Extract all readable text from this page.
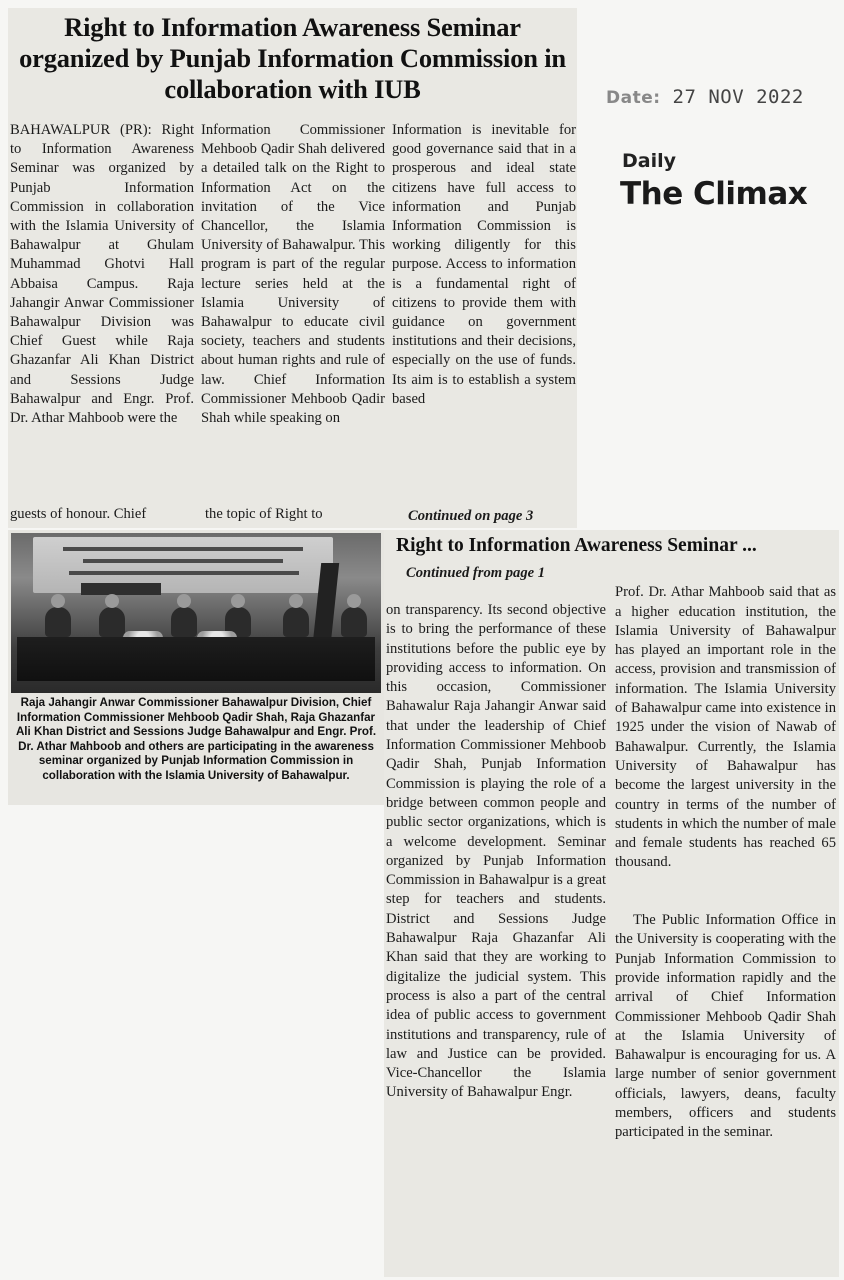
Right to Information Awareness Seminar organized by Punjab Information Commission in collaboration with IUB
BAHAWALPUR (PR): Right to Information Awareness Seminar was organized by Punjab Information Commission in collaboration with the Islamia University of Bahawalpur at Ghulam Muhammad Ghotvi Hall Abbaisa Campus. Raja Jahangir Anwar Commissioner Bahawalpur Division was Chief Guest while Raja Ghazanfar Ali Khan District and Sessions Judge Bahawalpur and Engr. Prof. Dr. Athar Mahboob were the
Information Commissioner Mehboob Qadir Shah delivered a detailed talk on the Right to Information Act on the invitation of the Vice Chancellor, the Islamia University of Bahawalpur. This program is part of the regular lecture series held at the Islamia University of Bahawalpur to educate civil society, teachers and students about human rights and rule of law. Chief Information Commissioner Mehboob Qadir Shah while speaking on
Information is inevitable for good governance said that in a prosperous and ideal state citizens have full access to information and Punjab Information Commission is working diligently for this purpose. Access to information is a fundamental right of citizens to provide them with guidance on government institutions and their decisions, especially on the use of funds. Its aim is to establish a system based
guests of honour. Chief	the topic of Right to	Continued on page 3
Date: 27 NOV 2022
Daily
The Climax
Raja Jahangir Anwar Commissioner Bahawalpur Division, Chief Information Commissioner Mehboob Qadir Shah, Raja Ghazanfar Ali Khan District and Sessions Judge Bahawalpur and Engr. Prof. Dr. Athar Mahboob and others are participating in the awareness seminar organized by Punjab Information Commission in collaboration with the Islamia University of Bahawalpur.
Right to Information Awareness Seminar ...
Continued from page 1
on transparency. Its second objective is to bring the performance of these institutions before the public eye by providing access to information. On this occasion, Commissioner Bahawalur Raja Jahangir Anwar said that under the leadership of Chief Information Commissioner Mehboob Qadir Shah, Punjab Information Commission is playing the role of a bridge between common people and public sector organizations, which is a welcome development. Seminar organized by Punjab Information Commission in Bahawalpur is a great step for teachers and students. District and Sessions Judge Bahawalpur Raja Ghazanfar Ali Khan said that they are working to digitalize the judicial system. This process is also a part of the central idea of public access to government institutions and transparency, rule of law and Justice can be provided. Vice-Chancellor the Islamia University of Bahawalpur Engr.

Prof. Dr. Athar Mahboob said that as a higher education institution, the Islamia University of Bahawalpur has played an important role in the access, provision and transmission of information. The Islamia University of Bahawalpur came into existence in 1925 under the vision of Nawab of Bahawalpur. Currently, the Islamia University of Bahawalpur has become the largest university in the country in terms of the number of students in which the number of male and female students has reached 65 thousand.

The Public Information Office in the University is cooperating with the Punjab Information Commission to provide information rapidly and the arrival of Chief Information Commissioner Mehboob Qadir Shah at the Islamia University of Bahawalpur is encouraging for us. A large number of senior government officials, lawyers, deans, faculty members, officers and students participated in the seminar.
